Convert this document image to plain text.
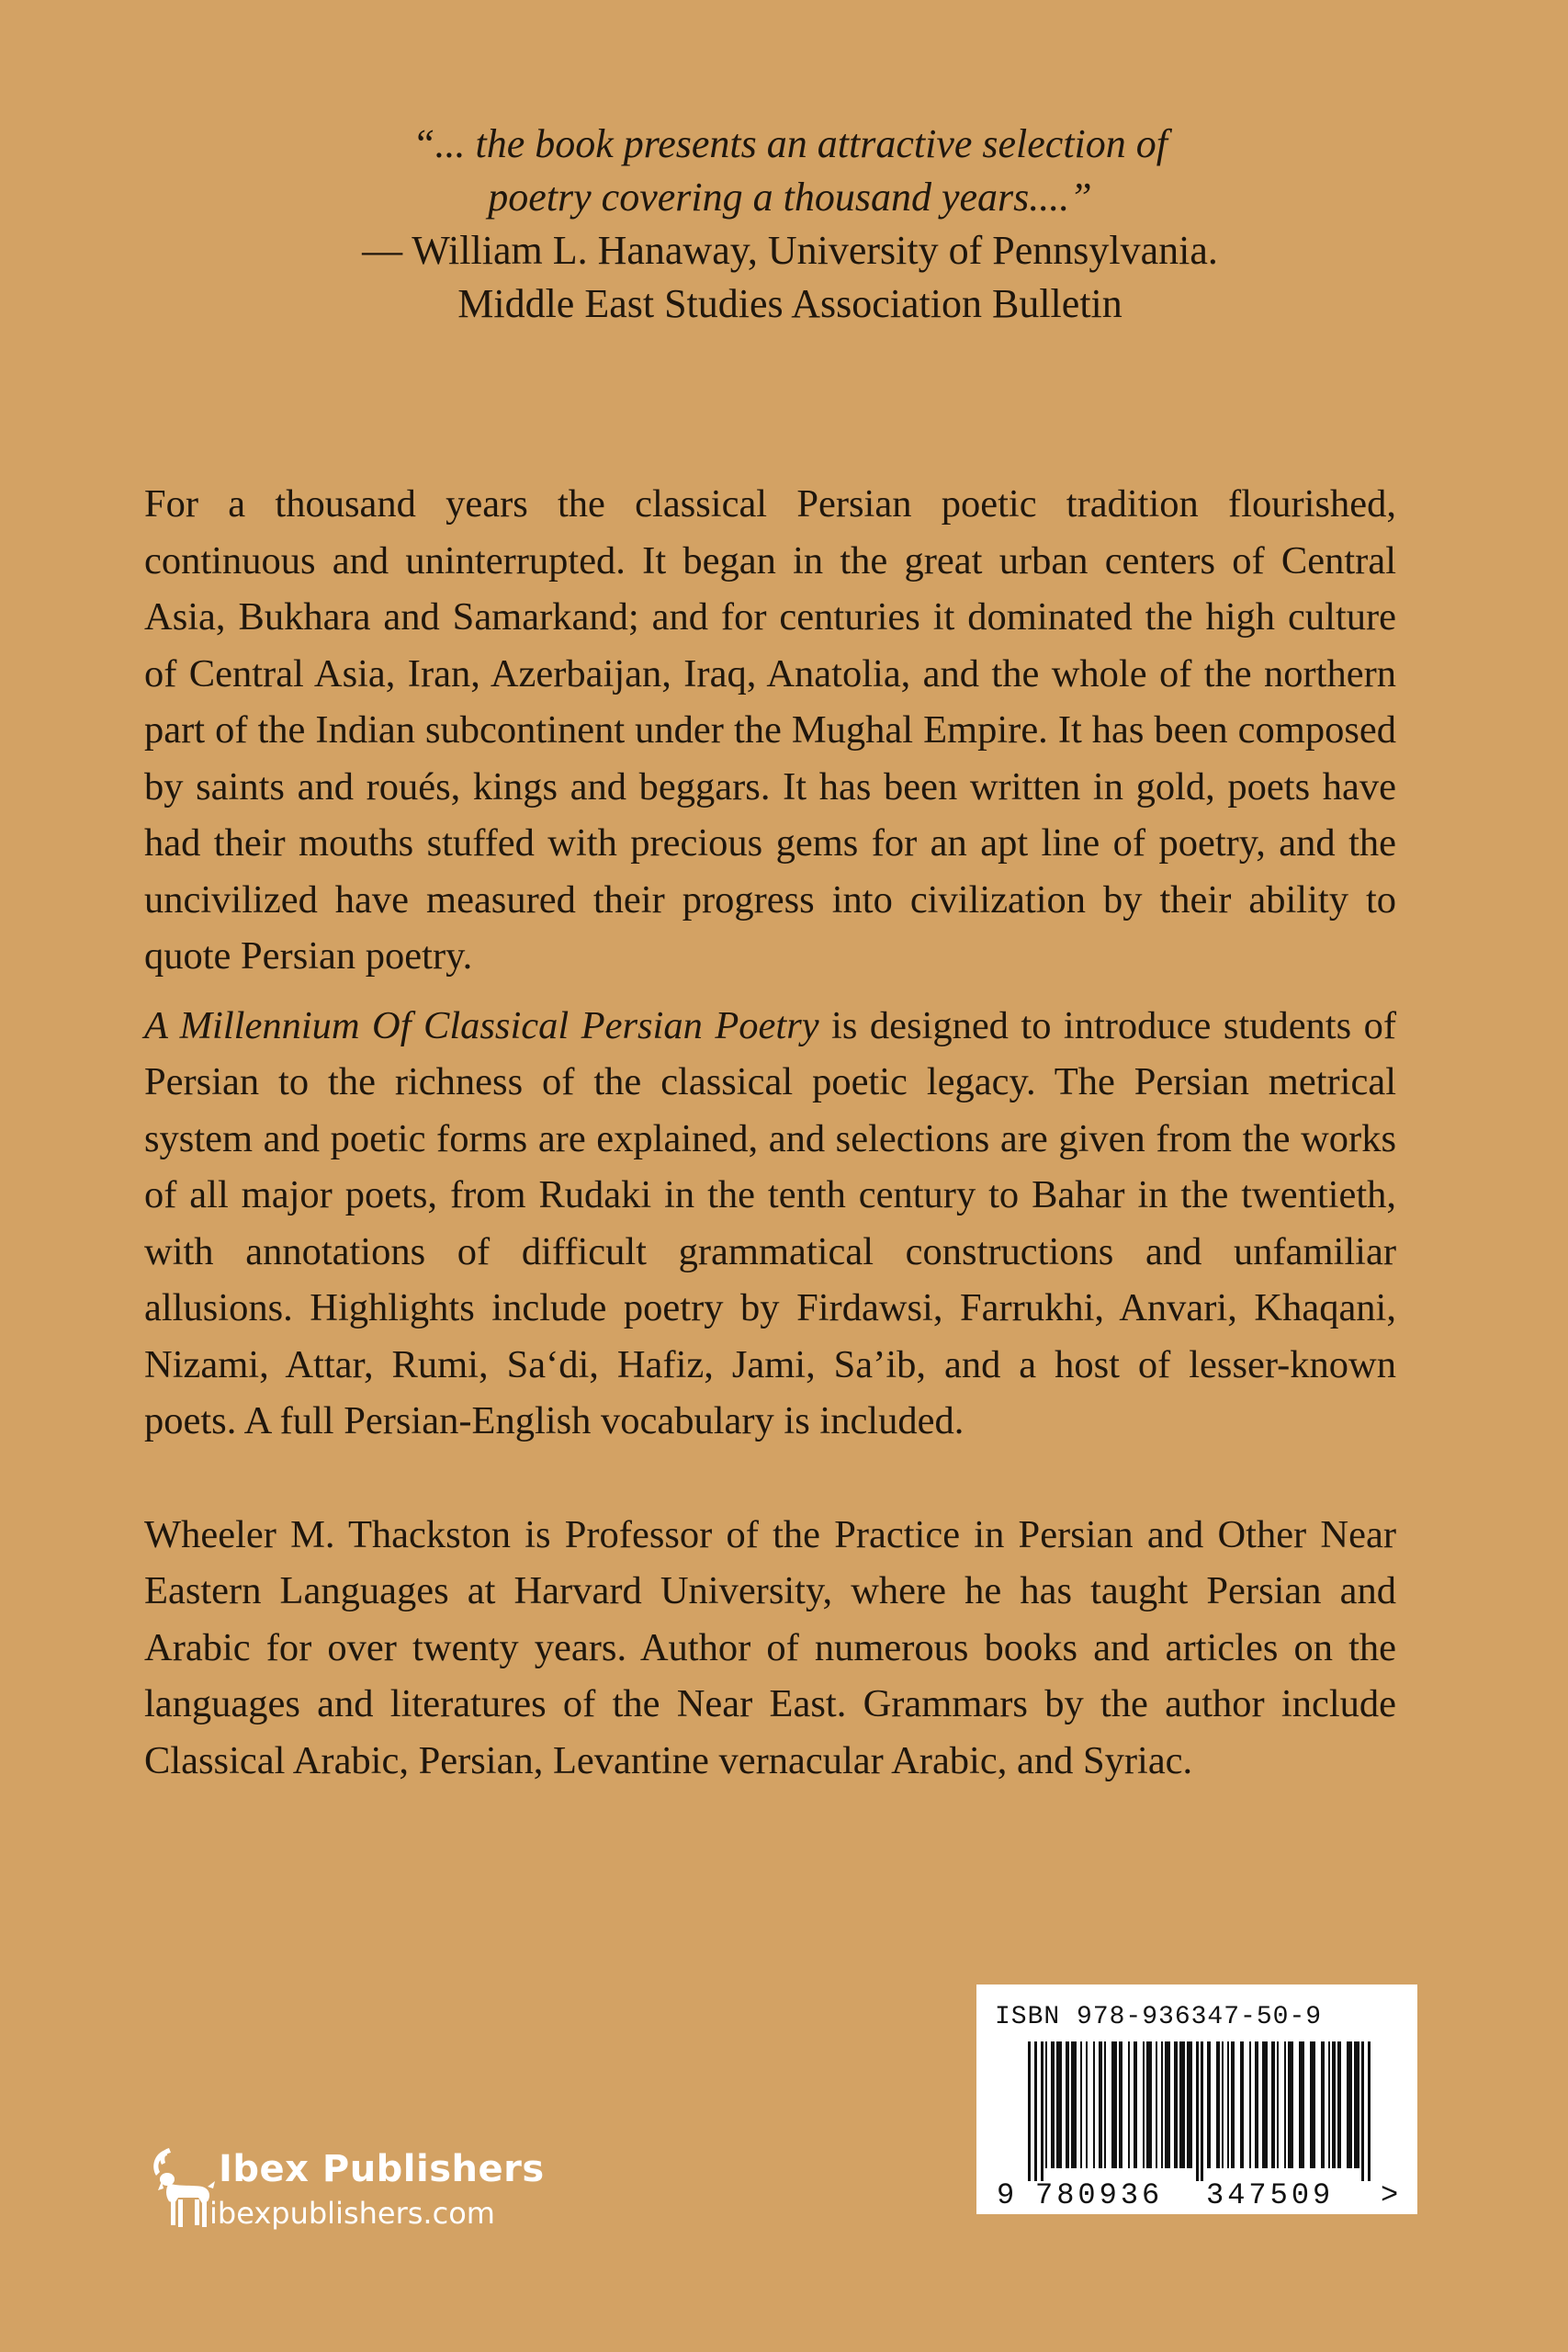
“... the book presents an attractive selection of
poetry covering a thousand years....”
— William L. Hanaway, University of Pennsylvania.
Middle East Studies Association Bulletin

For a thousand years the classical Persian poetic tradition flourished, continuous and uninterrupted. It began in the great urban centers of Central Asia, Bukhara and Samarkand; and for centuries it dominated the high culture of Central Asia, Iran, Azerbaijan, Iraq, Anatolia, and the whole of the northern part of the Indian subcontinent under the Mughal Empire. It has been composed by saints and roués, kings and beggars. It has been written in gold, poets have had their mouths stuffed with precious gems for an apt line of poetry, and the uncivilized have measured their progress into civilization by their ability to quote Persian poetry.

A Millennium Of Classical Persian Poetry is designed to introduce students of Persian to the richness of the classical poetic legacy. The Persian metrical system and poetic forms are explained, and selections are given from the works of all major poets, from Rudaki in the tenth century to Bahar in the twentieth, with annotations of difficult grammatical constructions and unfamiliar allusions. Highlights include poetry by Firdawsi, Farrukhi, Anvari, Khaqani, Nizami, Attar, Rumi, Sa‘di, Hafiz, Jami, Sa’ib, and a host of lesser-known poets. A full Persian-English vocabulary is included.

Wheeler M. Thackston is Professor of the Practice in Persian and Other Near Eastern Languages at Harvard University, where he has taught Persian and Arabic for over twenty years. Author of numerous books and articles on the languages and literatures of the Near East. Grammars by the author include Classical Arabic, Persian, Levantine vernacular Arabic, and Syriac.

9 780936 347509 >
ISBN 978-936347-50-9
Ibex Publishers
ibexpublishers.com
